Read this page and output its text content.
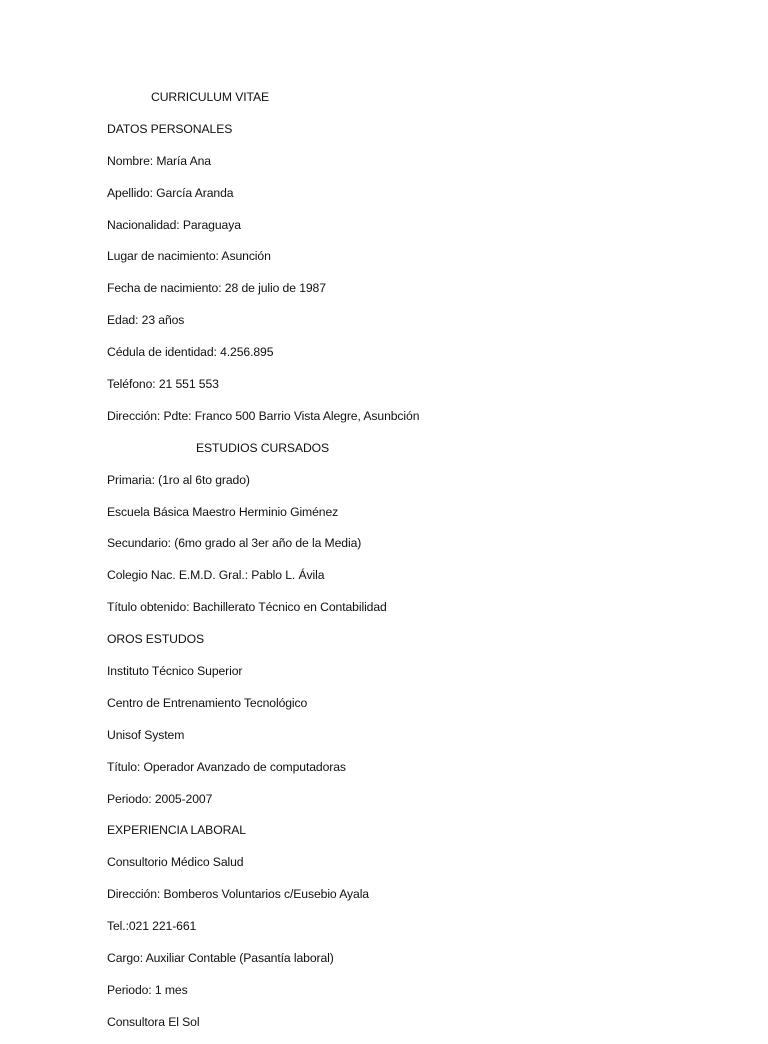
CURRICULUM VITAE
DATOS PERSONALES
Nombre: María Ana
Apellido: García Aranda
Nacionalidad: Paraguaya
Lugar de nacimiento: Asunción
Fecha de nacimiento: 28 de julio de 1987
Edad: 23 años
Cédula de identidad: 4.256.895
Teléfono: 21 551 553
Dirección: Pdte: Franco 500 Barrio Vista Alegre, Asunbción
ESTUDIOS CURSADOS
Primaria: (1ro al 6to grado)
Escuela Básica Maestro Herminio Giménez
Secundario: (6mo grado al 3er año de la Media)
Colegio Nac. E.M.D. Gral.: Pablo L. Ávila
Título obtenido: Bachillerato Técnico en Contabilidad
OROS ESTUDOS
Instituto Técnico Superior
Centro de Entrenamiento Tecnológico
Unisof System
Título: Operador Avanzado de computadoras
Periodo: 2005-2007
EXPERIENCIA LABORAL
Consultorio Médico Salud
Dirección: Bomberos Voluntarios c/Eusebio Ayala
Tel.:021 221-661
Cargo: Auxiliar Contable (Pasantía laboral)
Periodo: 1 mes
Consultora El Sol
